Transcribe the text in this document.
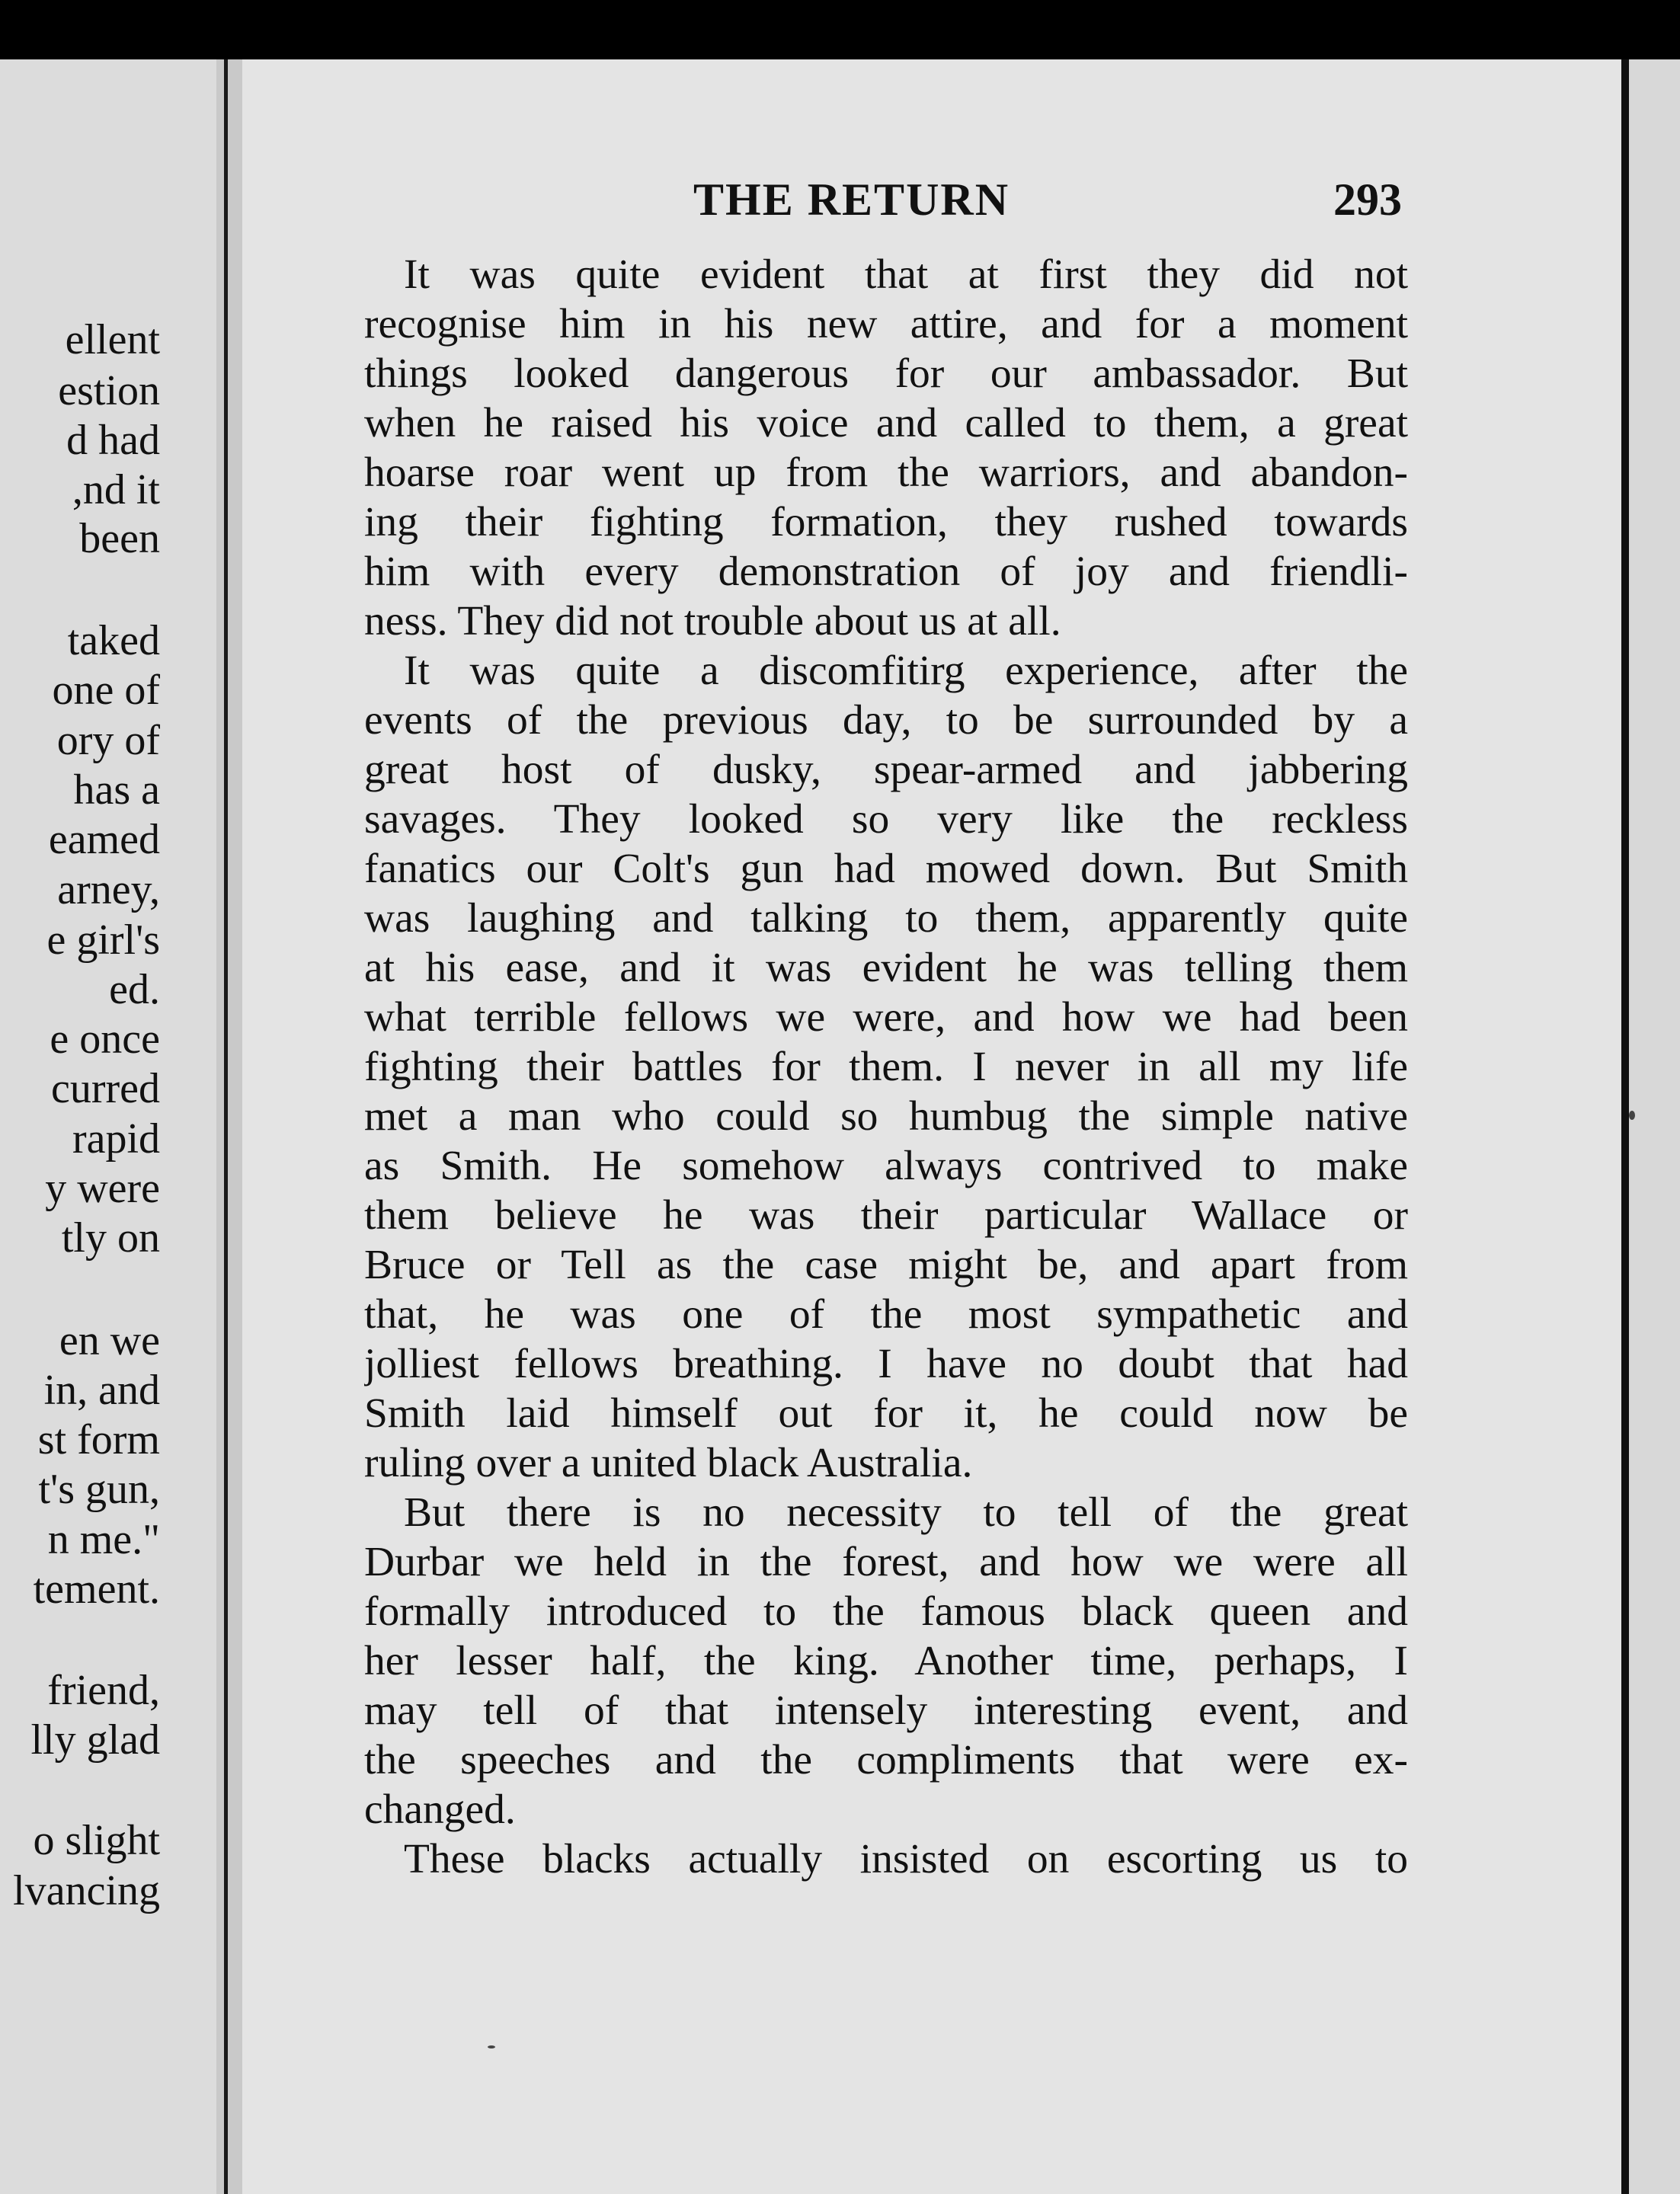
ellent
estion
d had
,nd it
been
taked
one of
ory of
has a
eamed
arney,
e girl's
ed.
e once
curred
rapid
y were
tly on
en we
in, and
st form
t's gun,
n me."
tement.
friend,
lly glad
o slight
lvancing
THE RETURN	293
It was quite evident that at first they did not
recognise him in his new attire, and for a moment
things looked dangerous for our ambassador. But
when he raised his voice and called to them, a great
hoarse roar went up from the warriors, and abandon-
ing their fighting formation, they rushed towards
him with every demonstration of joy and friendli-
ness. They did not trouble about us at all.
It was quite a discomfitirg experience, after the
events of the previous day, to be surrounded by a
great host of dusky, spear-armed and jabbering
savages. They looked so very like the reckless
fanatics our Colt's gun had mowed down. But Smith
was laughing and talking to them, apparently quite
at his ease, and it was evident he was telling them
what terrible fellows we were, and how we had been
fighting their battles for them. I never in all my life
met a man who could so humbug the simple native
as Smith. He somehow always contrived to make
them believe he was their particular Wallace or
Bruce or Tell as the case might be, and apart from
that, he was one of the most sympathetic and
jolliest fellows breathing. I have no doubt that had
Smith laid himself out for it, he could now be
ruling over a united black Australia.
But there is no necessity to tell of the great
Durbar we held in the forest, and how we were all
formally introduced to the famous black queen and
her lesser half, the king. Another time, perhaps, I
may tell of that intensely interesting event, and
the speeches and the compliments that were ex-
changed.
These blacks actually insisted on escorting us to
